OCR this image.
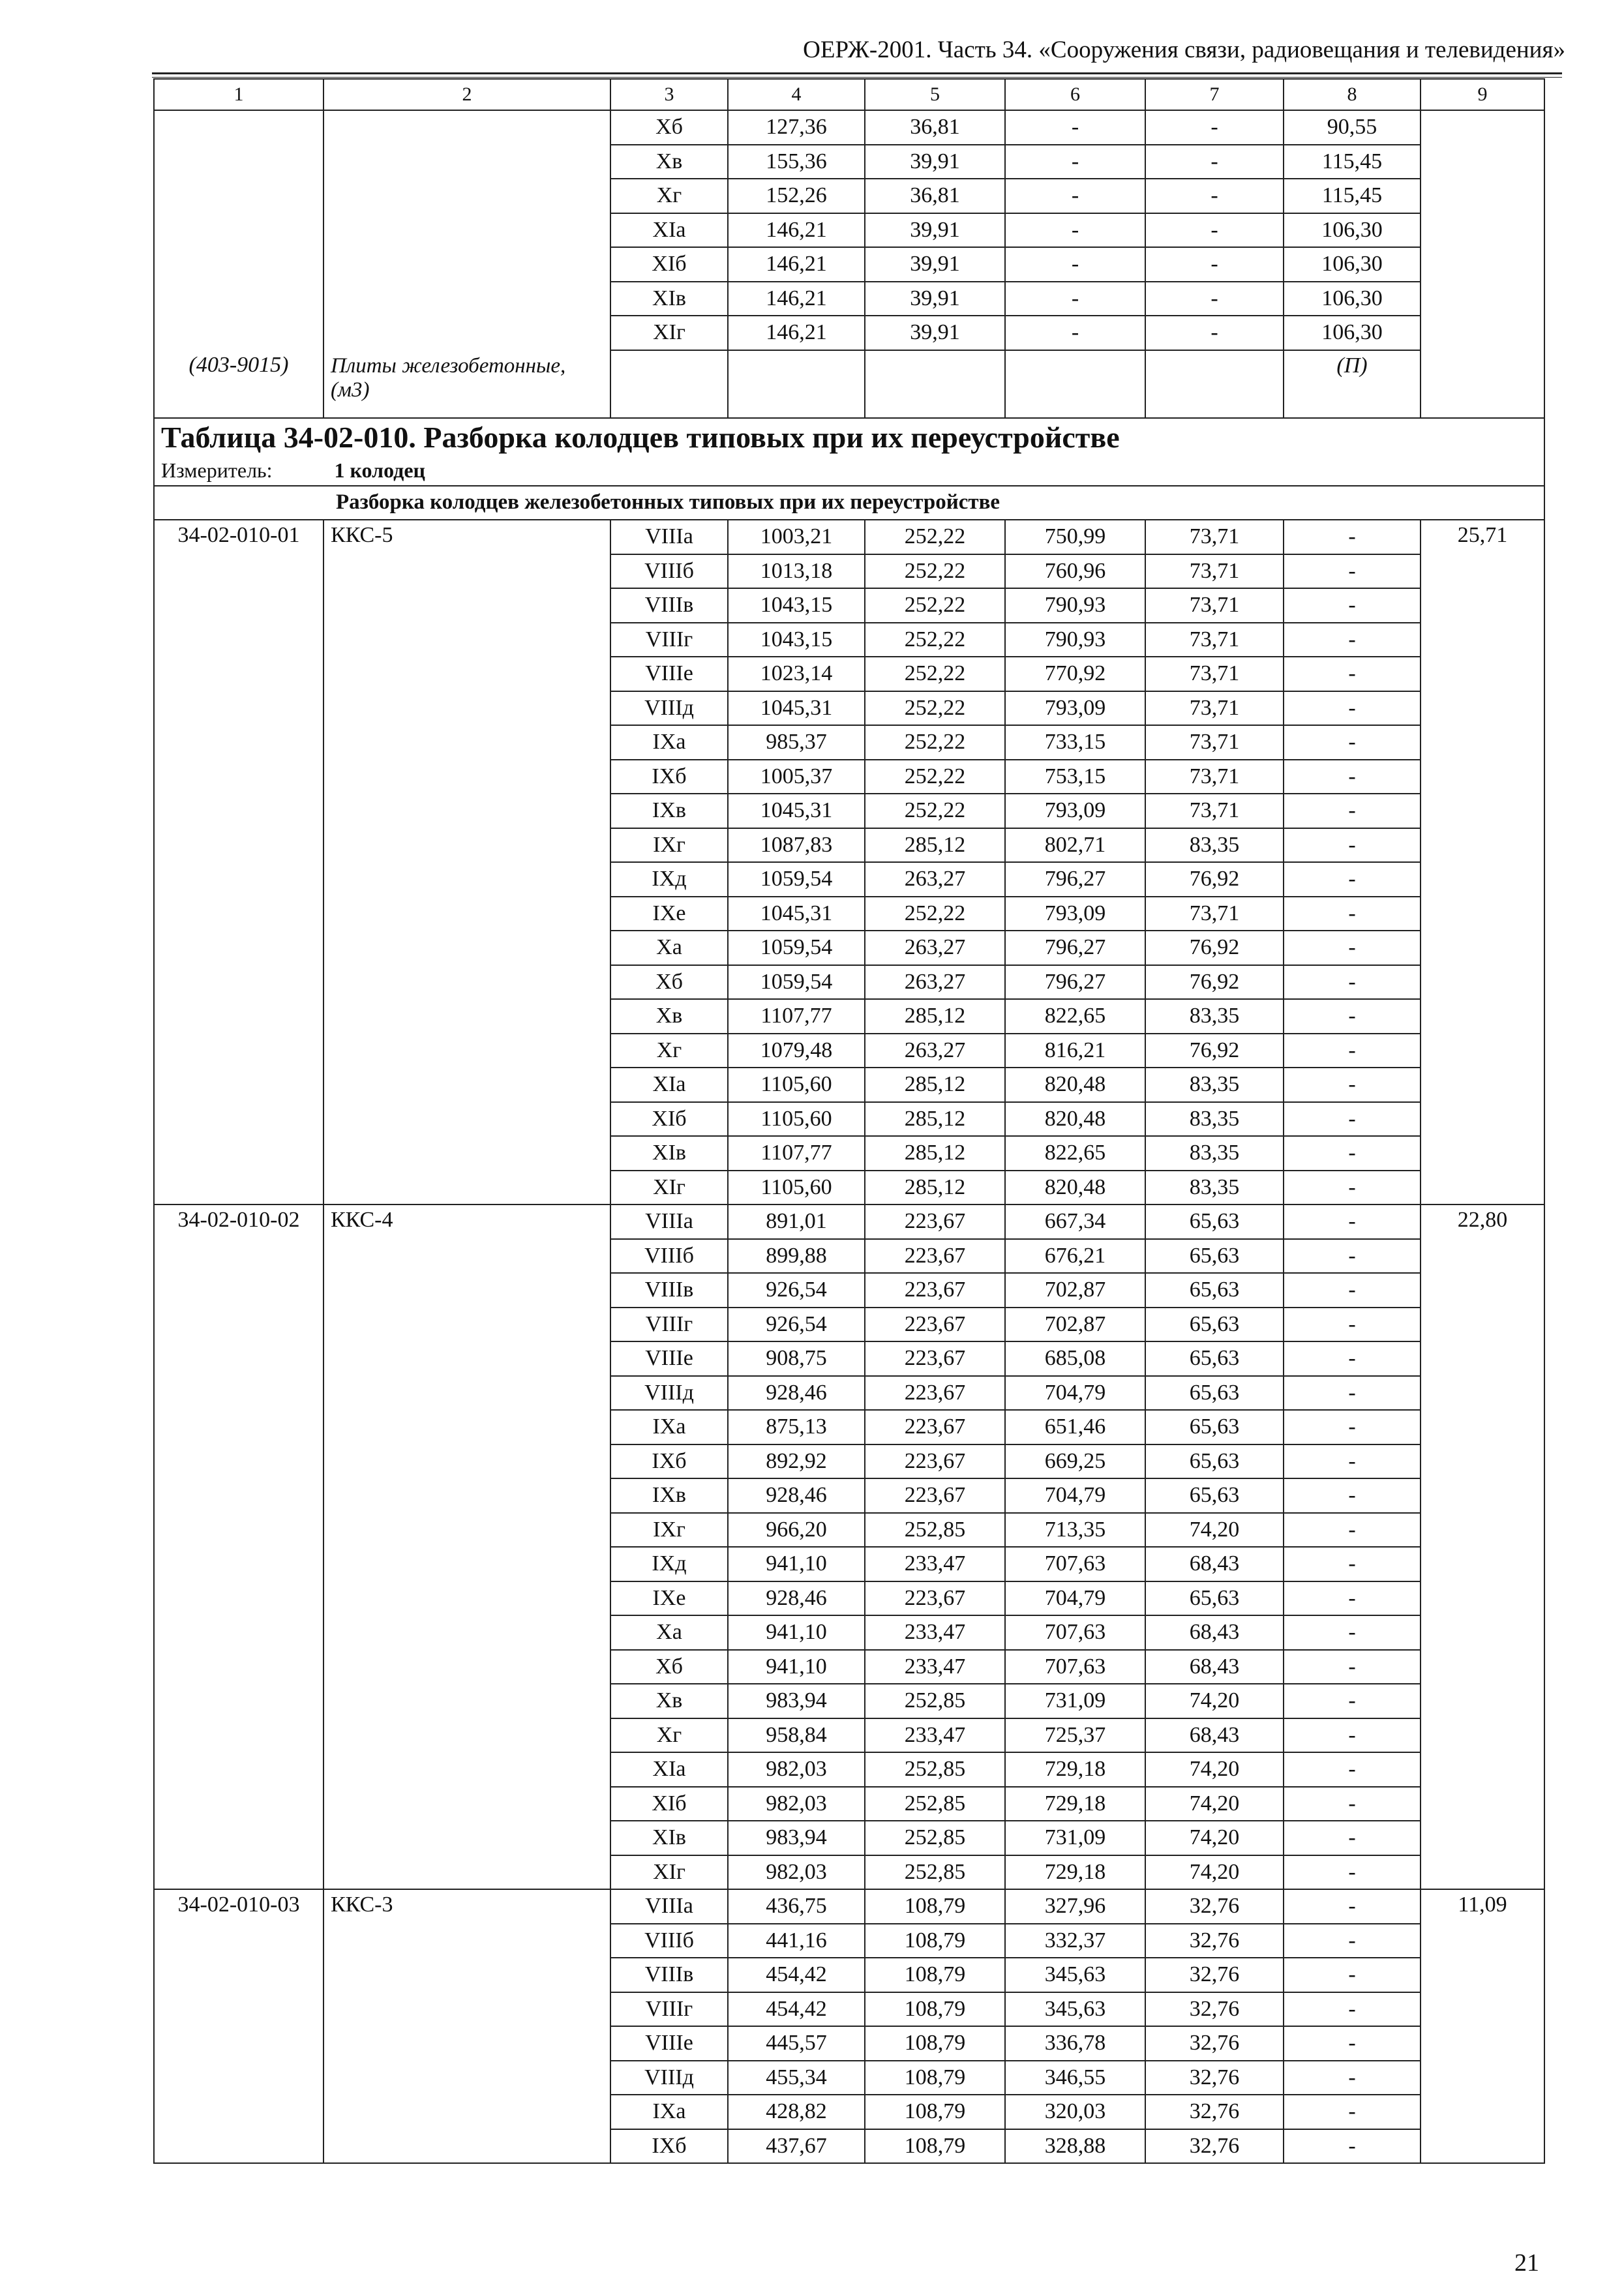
ОЕРЖ-2001. Часть 34. «Сооружения связи, радиовещания и телевидения»
1	2	3	4	5	6	7	8	9
		Xб	127,36	36,81	-	-	90,55	
		Xв	155,36	39,91	-	-	115,45	
		Xг	152,26	36,81	-	-	115,45	
		XIа	146,21	39,91	-	-	106,30	
		XIб	146,21	39,91	-	-	106,30	
		XIв	146,21	39,91	-	-	106,30	
		XIг	146,21	39,91	-	-	106,30	
(403-9015)	Плиты железобетонные, (м3)						(П)	
Таблица 34-02-010. Разборка колодцев типовых при их переустройстве								
Измеритель: 1 колодец								
Разборка колодцев железобетонных типовых при их переустройстве								
34-02-010-01	ККС-5	VIIIа	1003,21	252,22	750,99	73,71	-	25,71
		VIIIб	1013,18	252,22	760,96	73,71	-	
		VIIIв	1043,15	252,22	790,93	73,71	-	
		VIIIг	1043,15	252,22	790,93	73,71	-	
		VIIIе	1023,14	252,22	770,92	73,71	-	
		VIIIд	1045,31	252,22	793,09	73,71	-	
		IXа	985,37	252,22	733,15	73,71	-	
		IXб	1005,37	252,22	753,15	73,71	-	
		IXв	1045,31	252,22	793,09	73,71	-	
		IXг	1087,83	285,12	802,71	83,35	-	
		IXд	1059,54	263,27	796,27	76,92	-	
		IXе	1045,31	252,22	793,09	73,71	-	
		Xа	1059,54	263,27	796,27	76,92	-	
		Xб	1059,54	263,27	796,27	76,92	-	
		Xв	1107,77	285,12	822,65	83,35	-	
		Xг	1079,48	263,27	816,21	76,92	-	
		XIа	1105,60	285,12	820,48	83,35	-	
		XIб	1105,60	285,12	820,48	83,35	-	
		XIв	1107,77	285,12	822,65	83,35	-	
		XIг	1105,60	285,12	820,48	83,35	-	
34-02-010-02	ККС-4	VIIIа	891,01	223,67	667,34	65,63	-	22,80
		VIIIб	899,88	223,67	676,21	65,63	-	
		VIIIв	926,54	223,67	702,87	65,63	-	
		VIIIг	926,54	223,67	702,87	65,63	-	
		VIIIе	908,75	223,67	685,08	65,63	-	
		VIIIд	928,46	223,67	704,79	65,63	-	
		IXа	875,13	223,67	651,46	65,63	-	
		IXб	892,92	223,67	669,25	65,63	-	
		IXв	928,46	223,67	704,79	65,63	-	
		IXг	966,20	252,85	713,35	74,20	-	
		IXд	941,10	233,47	707,63	68,43	-	
		IXе	928,46	223,67	704,79	65,63	-	
		Xа	941,10	233,47	707,63	68,43	-	
		Xб	941,10	233,47	707,63	68,43	-	
		Xв	983,94	252,85	731,09	74,20	-	
		Xг	958,84	233,47	725,37	68,43	-	
		XIа	982,03	252,85	729,18	74,20	-	
		XIб	982,03	252,85	729,18	74,20	-	
		XIв	983,94	252,85	731,09	74,20	-	
		XIг	982,03	252,85	729,18	74,20	-	
34-02-010-03	ККС-3	VIIIа	436,75	108,79	327,96	32,76	-	11,09
		VIIIб	441,16	108,79	332,37	32,76	-	
		VIIIв	454,42	108,79	345,63	32,76	-	
		VIIIг	454,42	108,79	345,63	32,76	-	
		VIIIе	445,57	108,79	336,78	32,76	-	
		VIIIд	455,34	108,79	346,55	32,76	-	
		IXа	428,82	108,79	320,03	32,76	-	
		IXб	437,67	108,79	328,88	32,76	-	
21
